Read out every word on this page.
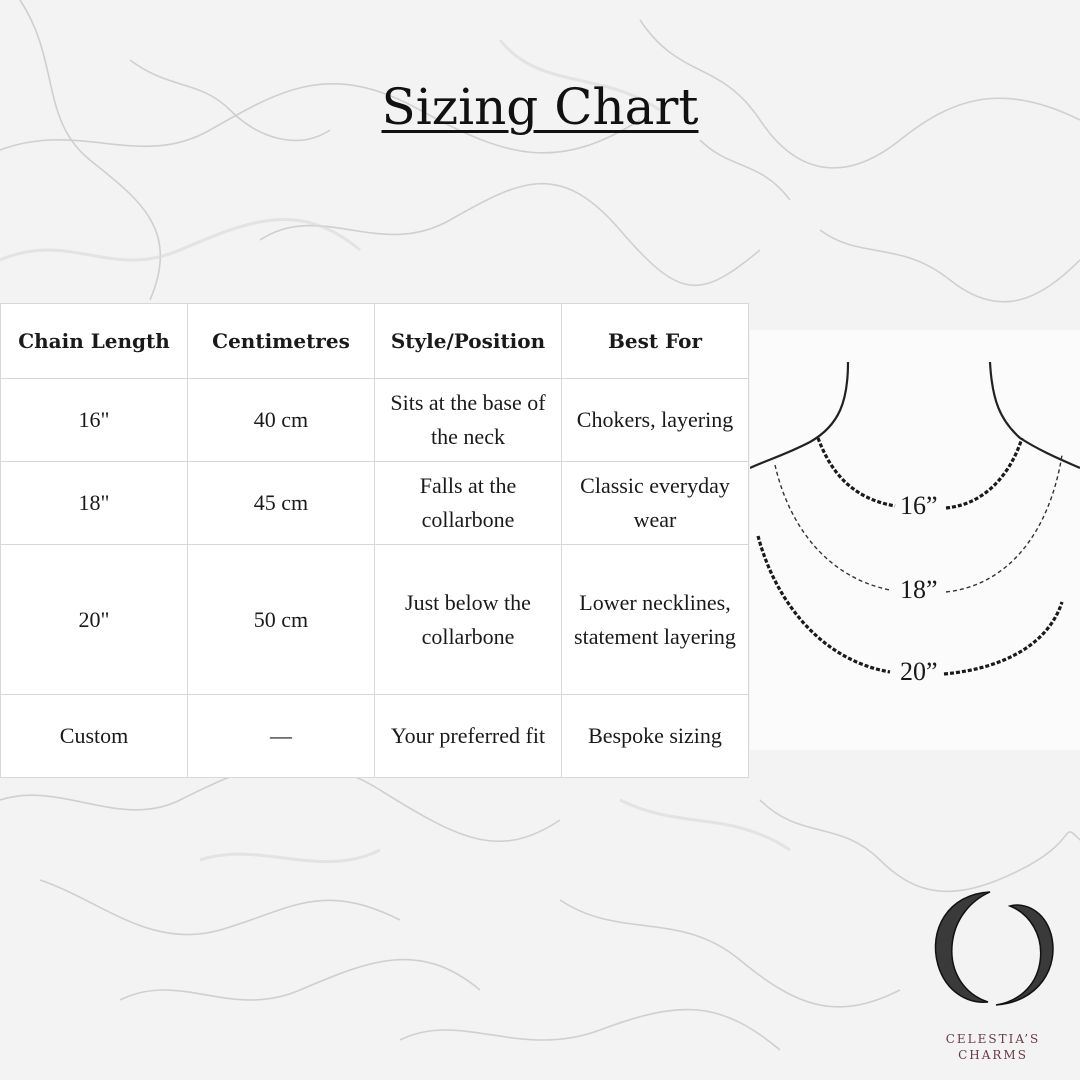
Sizing Chart
Chain Length	Centimetres	Style/Position	Best For
16"	40 cm	Sits at the base of the neck	Chokers, layering
18"	45 cm	Falls at the collarbone	Classic everyday wear
20"	50 cm	Just below the collarbone	Lower necklines, statement layering
Custom	—	Your preferred fit	Bespoke sizing
16”
18”
20”
CELESTIA’S
CHARMS
